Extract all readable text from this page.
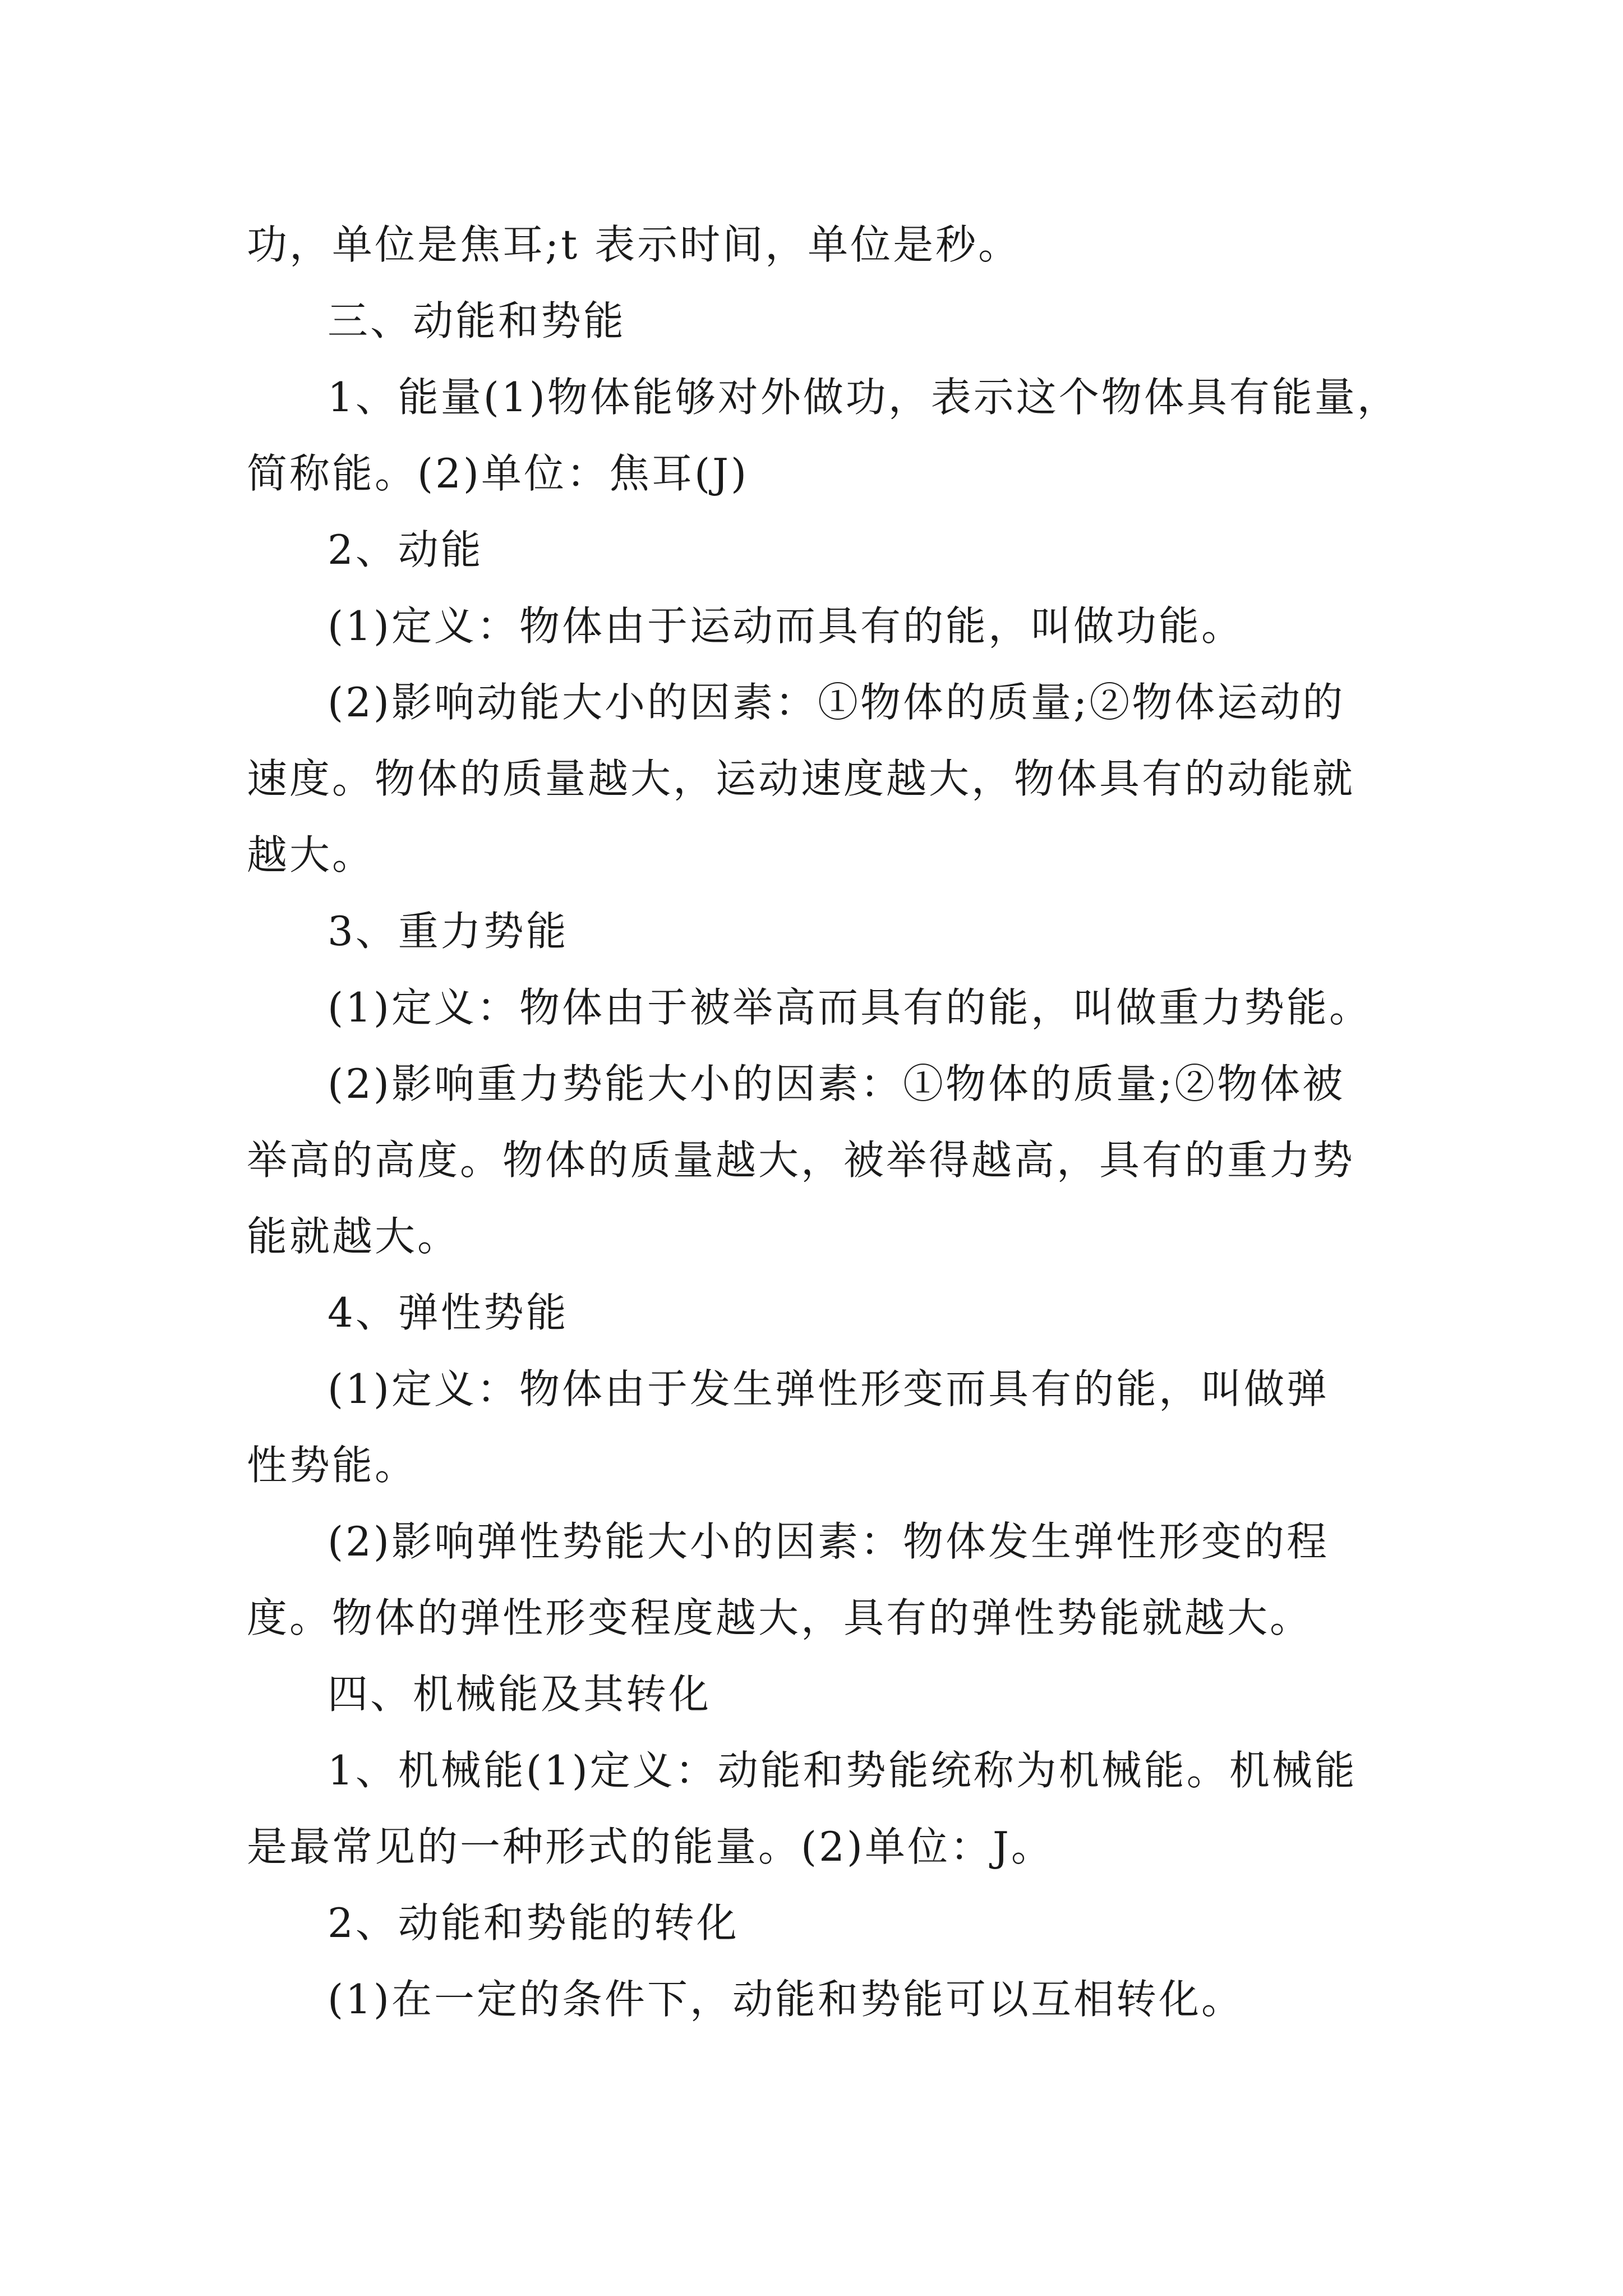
功，单位是焦耳;t 表示时间，单位是秒。
三、动能和势能
1、能量(1)物体能够对外做功，表示这个物体具有能量，
简称能。(2)单位：焦耳(J)
2、动能
(1)定义：物体由于运动而具有的能，叫做功能。
(2)影响动能大小的因素：①物体的质量;②物体运动的
速度。物体的质量越大，运动速度越大，物体具有的动能就
越大。
3、重力势能
(1)定义：物体由于被举高而具有的能，叫做重力势能。
(2)影响重力势能大小的因素：①物体的质量;②物体被
举高的高度。物体的质量越大，被举得越高，具有的重力势
能就越大。
4、弹性势能
(1)定义：物体由于发生弹性形变而具有的能，叫做弹
性势能。
(2)影响弹性势能大小的因素：物体发生弹性形变的程
度。物体的弹性形变程度越大，具有的弹性势能就越大。
四、机械能及其转化
1、机械能(1)定义：动能和势能统称为机械能。机械能
是最常见的一种形式的能量。(2)单位：J。
2、动能和势能的转化
(1)在一定的条件下，动能和势能可以互相转化。
